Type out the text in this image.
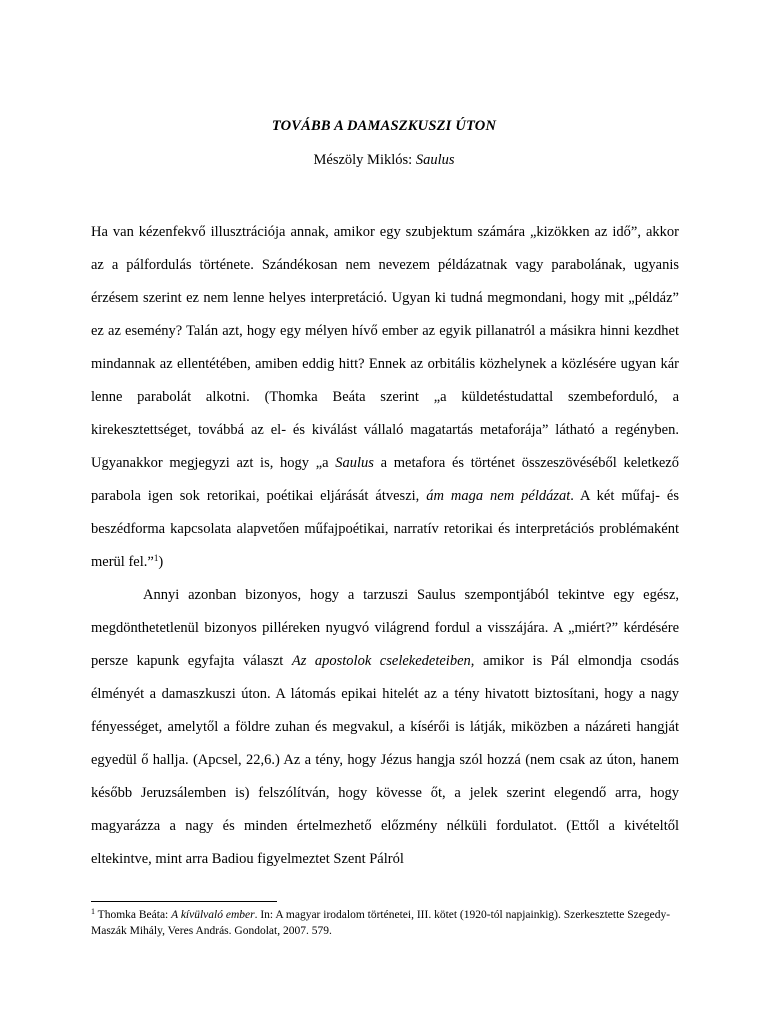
TOVÁBB A DAMASZKUSZI ÚTON
Mészöly Miklós: Saulus

Ha van kézenfekvő illusztrációja annak, amikor egy szubjektum számára „kizökken az idő”, akkor az a pálfordulás története. Szándékosan nem nevezem példázatnak vagy parabolának, ugyanis érzésem szerint ez nem lenne helyes interpretáció. Ugyan ki tudná megmondani, hogy mit „példáz” ez az esemény? Talán azt, hogy egy mélyen hívő ember az egyik pillanatról a másikra hinni kezdhet mindannak az ellentétében, amiben eddig hitt? Ennek az orbitális közhelynek a közlésére ugyan kár lenne parabolát alkotni. (Thomka Beáta szerint „a küldetéstudattal szembeforduló, a kirekesztettséget, továbbá az el- és kiválást vállaló magatartás metaforája” látható a regényben. Ugyanakkor megjegyzi azt is, hogy „a Saulus a metafora és történet összeszövéséből keletkező parabola igen sok retorikai, poétikai eljárását átveszi, ám maga nem példázat. A két műfaj- és beszédforma kapcsolata alapvetően műfajpoétikai, narratív retorikai és interpretációs problémaként merül fel.”$^1$)

Annyi azonban bizonyos, hogy a tarzuszi Saulus szempontjából tekintve egy egész, megdönthetetlenül bizonyos pilléreken nyugvó világrend fordul a visszájára. A „miért?” kérdésére persze kapunk egyfajta választ Az apostolok cselekedeteiben, amikor is Pál elmondja csodás élményét a damaszkuszi úton. A látomás epikai hitelét az a tény hivatott biztosítani, hogy a nagy fényességet, amelytől a földre zuhan és megvakul, a kísérői is látják, miközben a názáreti hangját egyedül ő hallja. (Apcsel, 22,6.) Az a tény, hogy Jézus hangja szól hozzá (nem csak az úton, hanem később Jeruzsálemben is) felszólítván, hogy kövesse őt, a jelek szerint elegendő arra, hogy magyarázza a nagy és minden értelmezhető előzmény nélküli fordulatot. (Ettől a kivételtől eltekintve, mint arra Badiou figyelmeztet Szent Pálról

$^1$ Thomka Beáta: A kívülvaló ember. In: A magyar irodalom történetei, III. kötet (1920-tól napjainkig). Szerkesztette Szegedy-Maszák Mihály, Veres András. Gondolat, 2007. 579.
